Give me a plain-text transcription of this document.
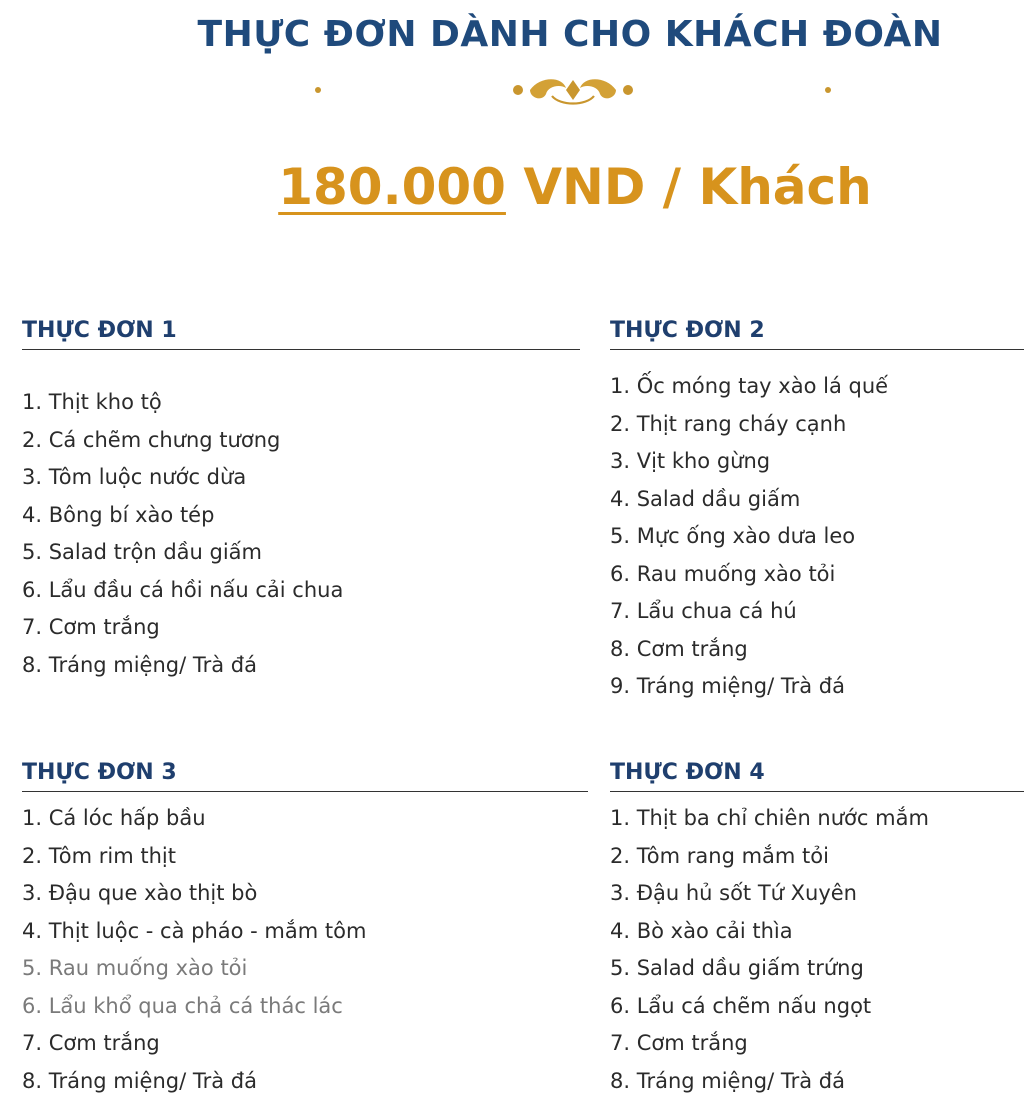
THỰC ĐƠN DÀNH CHO KHÁCH ĐOÀN
180.000 VND / Khách
THỰC ĐƠN 1
1. Thịt kho tộ
2. Cá chẽm chưng tương
3. Tôm luộc nước dừa
4. Bông bí xào tép
5. Salad trộn dầu giấm
6. Lẩu đầu cá hồi nấu cải chua
7. Cơm trắng
8. Tráng miệng/ Trà đá
THỰC ĐƠN 2
1. Ốc móng tay xào lá quế
2. Thịt rang cháy cạnh
3. Vịt kho gừng
4. Salad dầu giấm
5. Mực ống xào dưa leo
6. Rau muống xào tỏi
7. Lẩu chua cá hú
8. Cơm trắng
9. Tráng miệng/ Trà đá
THỰC ĐƠN 3
1. Cá lóc hấp bầu
2. Tôm rim thịt
3. Đậu que xào thịt bò
4. Thịt luộc - cà pháo - mắm tôm
5. Rau muống xào tỏi
6. Lẩu khổ qua chả cá thác lác
7. Cơm trắng
8. Tráng miệng/ Trà đá
THỰC ĐƠN 4
1. Thịt ba chỉ chiên nước mắm
2. Tôm rang mắm tỏi
3. Đậu hủ sốt Tứ Xuyên
4. Bò xào cải thìa
5. Salad dầu giấm trứng
6. Lẩu cá chẽm nấu ngọt
7. Cơm trắng
8. Tráng miệng/ Trà đá
